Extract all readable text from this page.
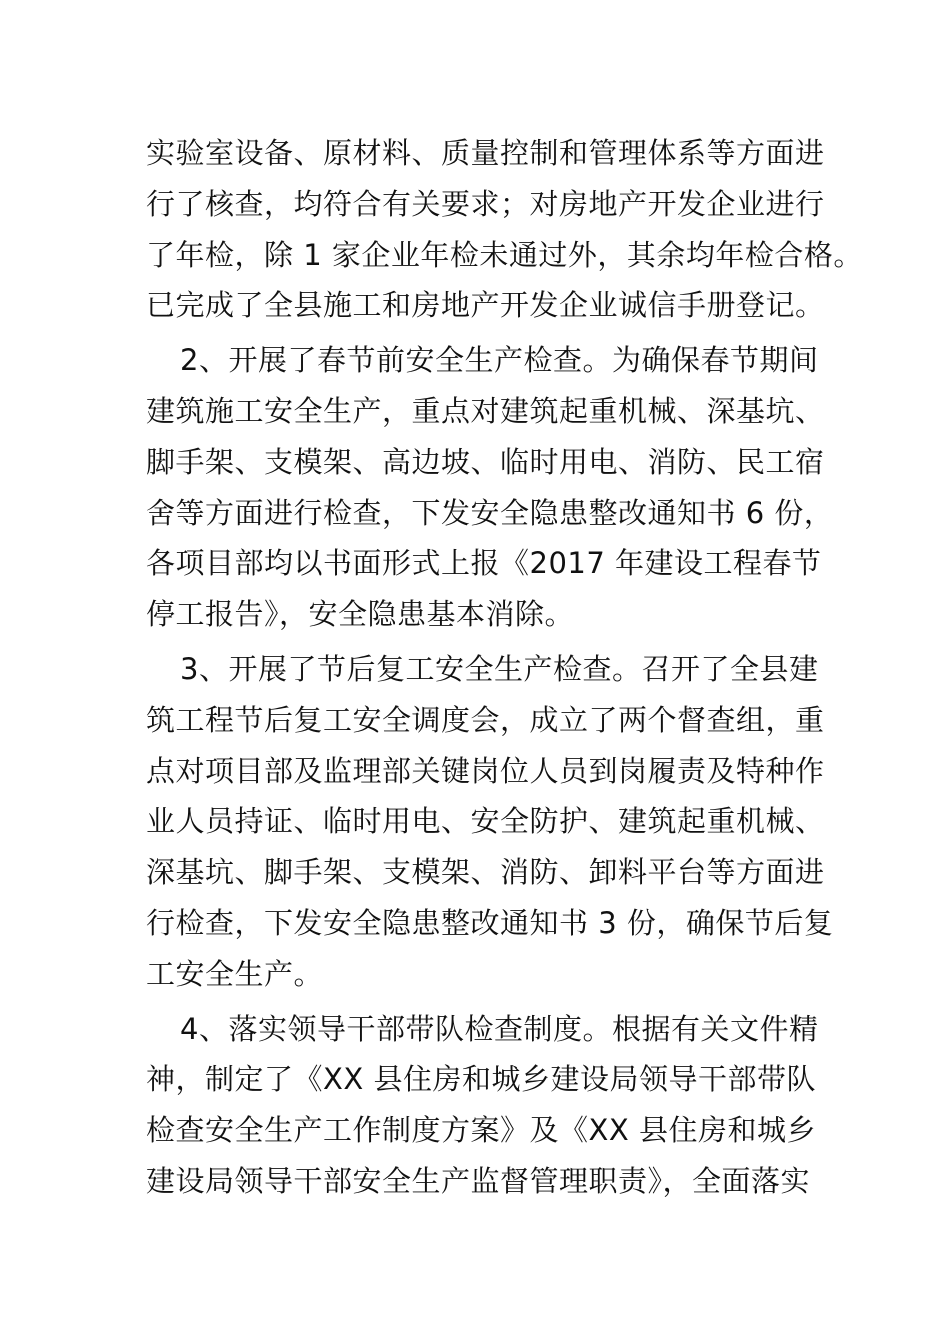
实验室设备、原材料、质量控制和管理体系等方面进
行了核查，均符合有关要求；对房地产开发企业进行
了年检，除 1 家企业年检未通过外，其余均年检合格。
已完成了全县施工和房地产开发企业诚信手册登记。
2、开展了春节前安全生产检查。为确保春节期间
建筑施工安全生产，重点对建筑起重机械、深基坑、
脚手架、支模架、高边坡、临时用电、消防、民工宿
舍等方面进行检查，下发安全隐患整改通知书 6 份，
各项目部均以书面形式上报《2017 年建设工程春节
停工报告》，安全隐患基本消除。
3、开展了节后复工安全生产检查。召开了全县建
筑工程节后复工安全调度会，成立了两个督查组，重
点对项目部及监理部关键岗位人员到岗履责及特种作
业人员持证、临时用电、安全防护、建筑起重机械、
深基坑、脚手架、支模架、消防、卸料平台等方面进
行检查，下发安全隐患整改通知书 3 份，确保节后复
工安全生产。
4、落实领导干部带队检查制度。根据有关文件精
神，制定了《XX 县住房和城乡建设局领导干部带队
检查安全生产工作制度方案》及《XX 县住房和城乡
建设局领导干部安全生产监督管理职责》，全面落实
